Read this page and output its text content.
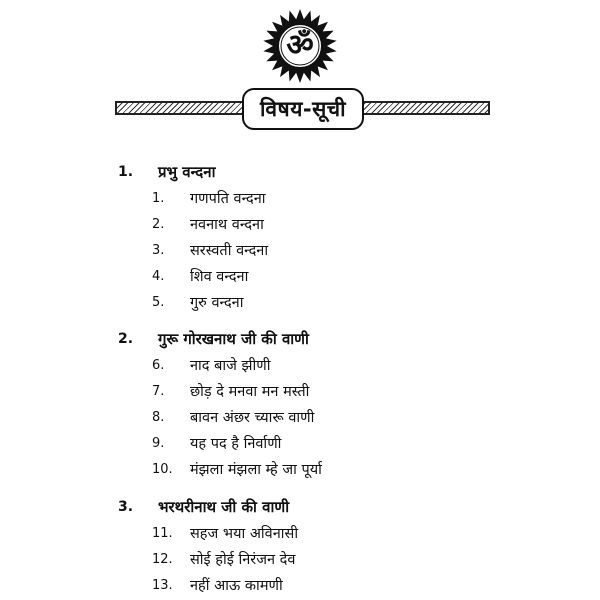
ॐ
विषय-सूची
1. प्रभु वन्दना
1. गणपति वन्दना
2. नवनाथ वन्दना
3. सरस्वती वन्दना
4. शिव वन्दना
5. गुरु वन्दना
2. गुरू गोरखनाथ जी की वाणी
6. नाद बाजे झीणी
7. छोड़ दे मनवा मन मस्ती
8. बावन अंछर च्यारू वाणी
9. यह पद है निर्वाणी
10. मंझला मंझला म्हे जा पूर्या
3. भरथरीनाथ जी की वाणी
11. सहज भया अविनासी
12. सोई होई निरंजन देव
13. नहीं आऊ कामणी
